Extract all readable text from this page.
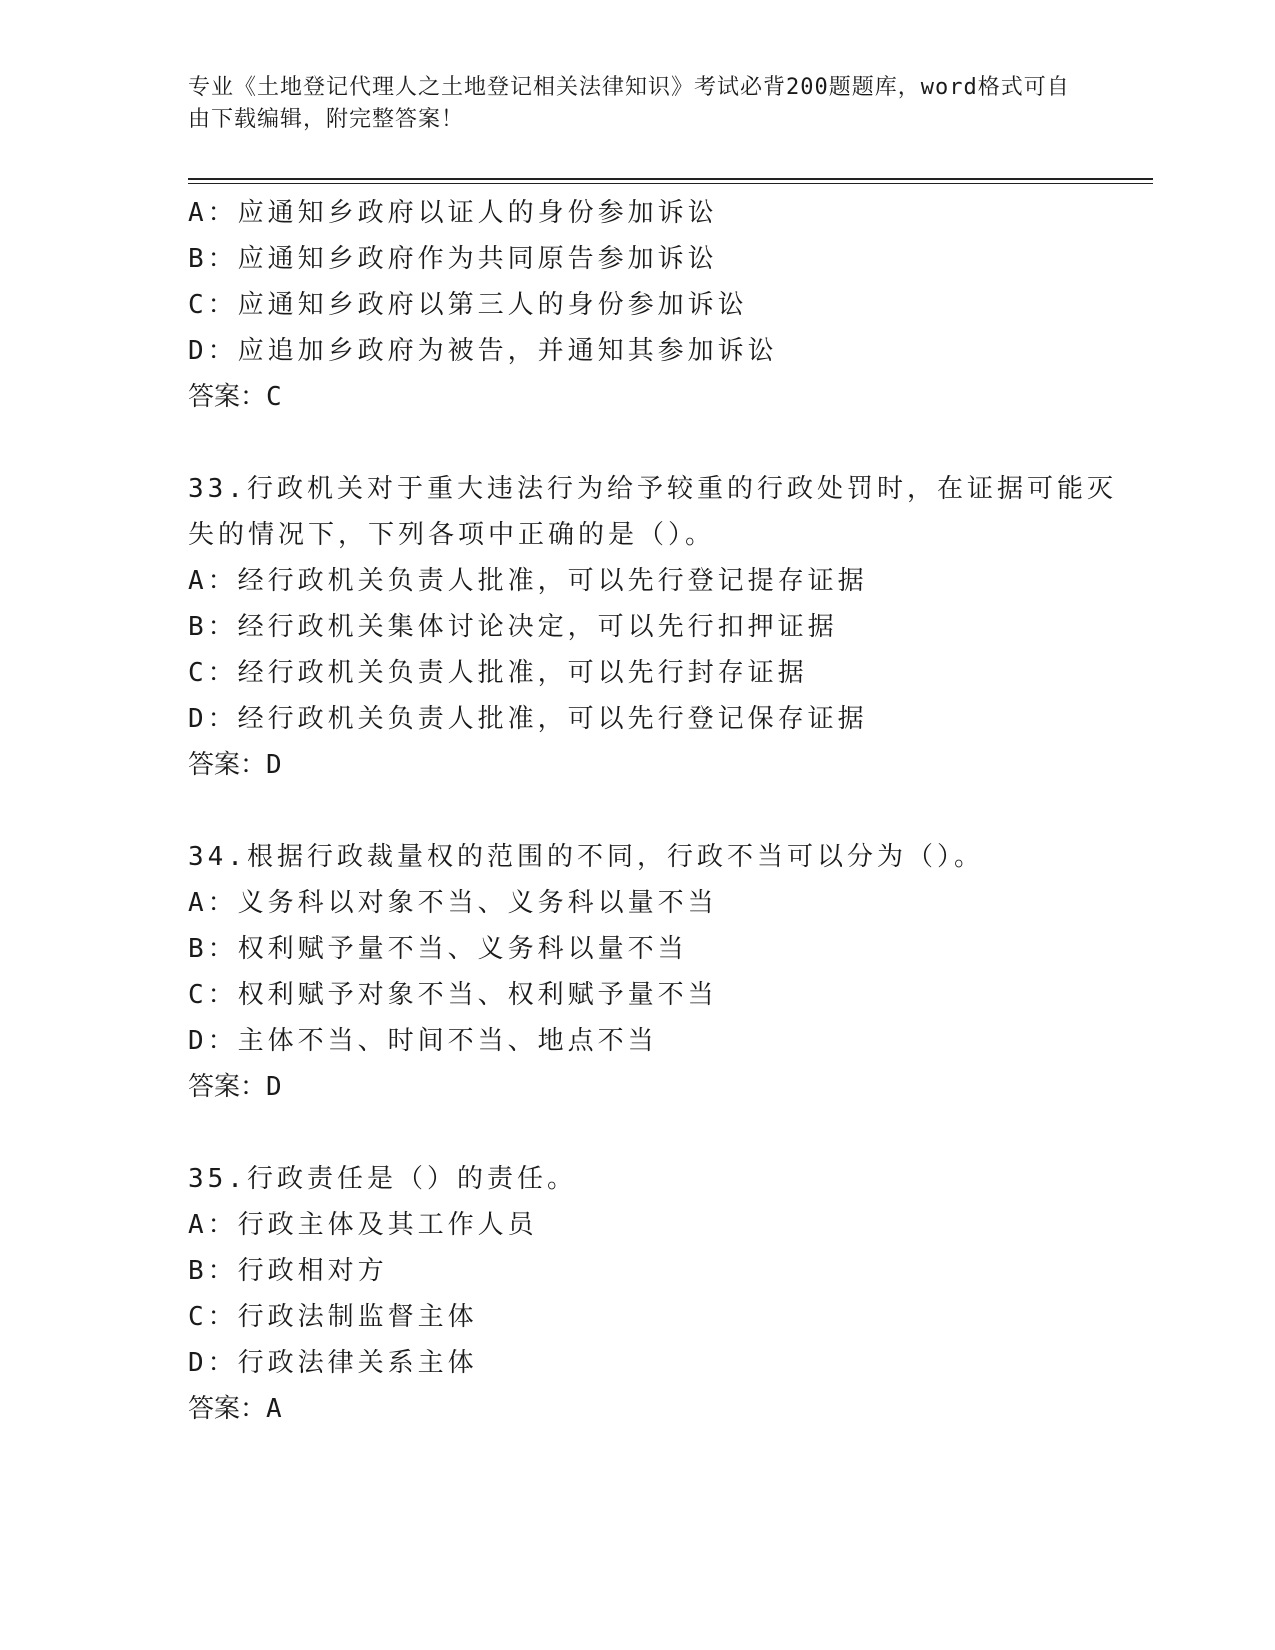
专业《土地登记代理人之土地登记相关法律知识》考试必背200题题库，word格式可自由下载编辑，附完整答案！
A：应通知乡政府以证人的身份参加诉讼
B：应通知乡政府作为共同原告参加诉讼
C：应通知乡政府以第三人的身份参加诉讼
D：应追加乡政府为被告，并通知其参加诉讼
答案：C
33.行政机关对于重大违法行为给予较重的行政处罚时，在证据可能灭失的情况下，下列各项中正确的是（）。
A：经行政机关负责人批准，可以先行登记提存证据
B：经行政机关集体讨论决定，可以先行扣押证据
C：经行政机关负责人批准，可以先行封存证据
D：经行政机关负责人批准，可以先行登记保存证据
答案：D
34.根据行政裁量权的范围的不同，行政不当可以分为（）。
A：义务科以对象不当、义务科以量不当
B：权利赋予量不当、义务科以量不当
C：权利赋予对象不当、权利赋予量不当
D：主体不当、时间不当、地点不当
答案：D
35.行政责任是（）的责任。
A：行政主体及其工作人员
B：行政相对方
C：行政法制监督主体
D：行政法律关系主体
答案：A
